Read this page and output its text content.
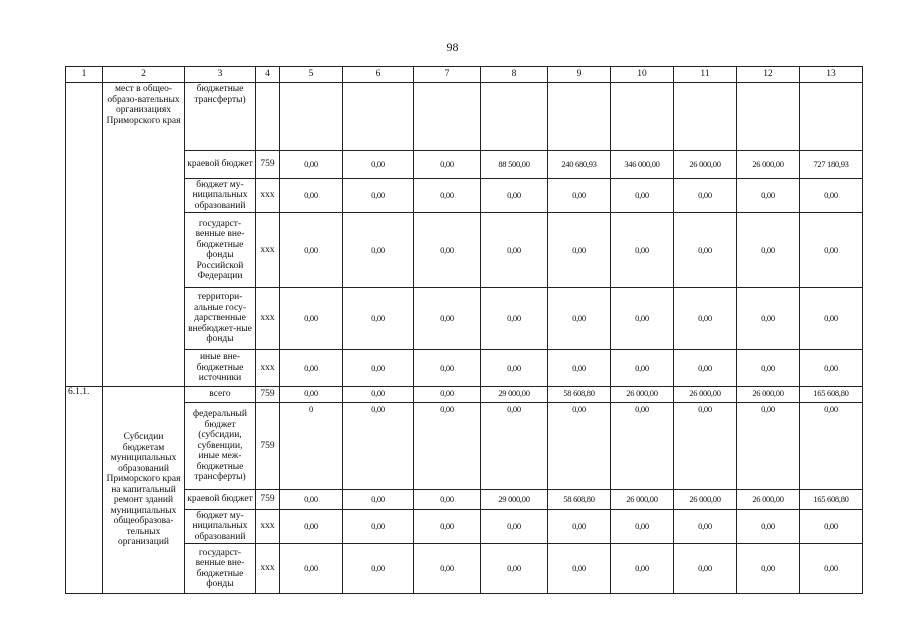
98
1	2	3	4	5	6	7	8	9	10	11	12	13
	мест в общео-образо-вательных организациях Приморского края	бюджетные трансферты)										
		краевой бюджет	759	0,00	0,00	0,00	88 500,00	240 680,93	346 000,00	26 000,00	26 000,00	727 180,93
		бюджет му-ниципальных образований	ххх	0,00	0,00	0,00	0,00	0,00	0,00	0,00	0,00	0,00
		государст-венные вне-бюджетные фонды Российской Федерации	ххх	0,00	0,00	0,00	0,00	0,00	0,00	0,00	0,00	0,00
		территори-альные госу-дарственные внебюджет-ные фонды	ххх	0,00	0,00	0,00	0,00	0,00	0,00	0,00	0,00	0,00
		иные вне-бюджетные источники	ххх	0,00	0,00	0,00	0,00	0,00	0,00	0,00	0,00	0,00
6.1.1.	Субсидии бюджетам муниципальных образований Приморского края на капитальный ремонт зданий муниципальных общеобразова-тельных организаций	всего	759	0,00	0,00	0,00	29 000,00	58 608,80	26 000,00	26 000,00	26 000,00	165 608,80
		федеральный бюджет (субсидии, субвенции, иные меж-бюджетные трансферты)	759	0	0,00	0,00	0,00	0,00	0,00	0,00	0,00	0,00
		краевой бюджет	759	0,00	0,00	0,00	29 000,00	58 608,80	26 000,00	26 000,00	26 000,00	165 608,80
		бюджет му-ниципальных образований	ххх	0,00	0,00	0,00	0,00	0,00	0,00	0,00	0,00	0,00
		государст-венные вне-бюджетные фонды	ххх	0,00	0,00	0,00	0,00	0,00	0,00	0,00	0,00	0,00
